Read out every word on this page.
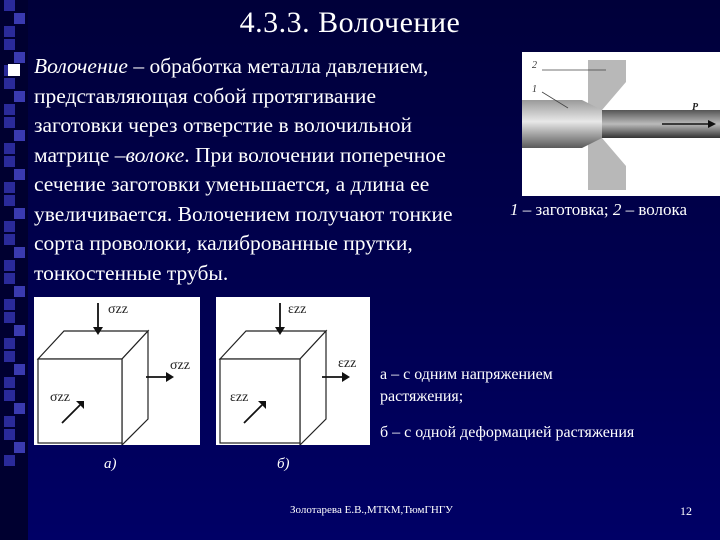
4.3.3. Волочение
Волочение – обработка металла давлением,
представляющая собой протягивание
заготовки через отверстие в волочильной
матрице –волоке. При волочении поперечное
сечение заготовки уменьшается, а длина ее
увеличивается. Волочением получают тонкие
сорта проволоки, калиброванные прутки,
тонкостенные трубы.
2
1
P
1 – заготовка; 2 – волока
σzz
σzz
σzz
εzz
εzz
εzz
а – с одним напряжением растяжения;
б – с одной деформацией растяжения
а)	б)
Золотарева Е.В.,МТКМ,ТюмГНГУ	12
